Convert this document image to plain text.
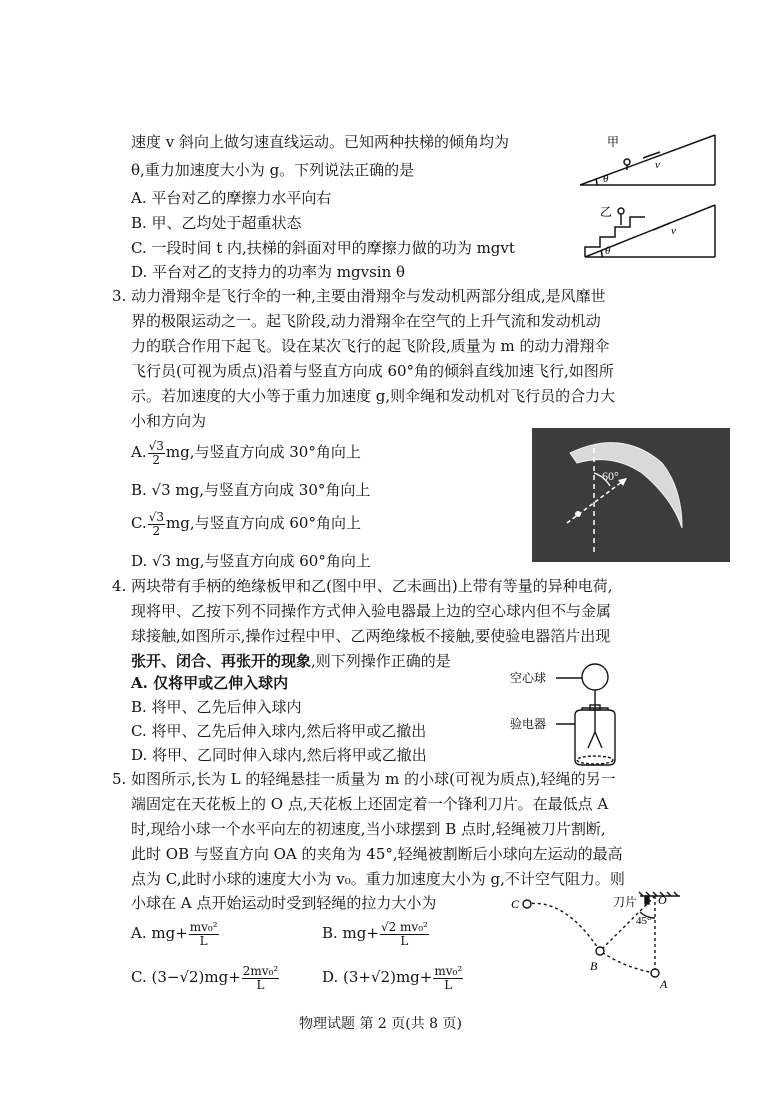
速度 v 斜向上做匀速直线运动。已知两种扶梯的倾角均为
θ,重力加速度大小为 g。下列说法正确的是
A. 平台对乙的摩擦力水平向右
B. 甲、乙均处于超重状态
C. 一段时间 t 内,扶梯的斜面对甲的摩擦力做的功为 mgvt
D. 平台对乙的支持力的功率为 mgvsin θ
甲
v
θ
乙
v
θ
3. 动力滑翔伞是飞行伞的一种,主要由滑翔伞与发动机两部分组成,是风靡世
界的极限运动之一。起飞阶段,动力滑翔伞在空气的上升气流和发动机动
力的联合作用下起飞。设在某次飞行的起飞阶段,质量为 m 的动力滑翔伞
飞行员(可视为质点)沿着与竖直方向成 60°角的倾斜直线加速飞行,如图所
示。若加速度的大小等于重力加速度 g,则伞绳和发动机对飞行员的合力大
小和方向为
A. $\frac{√3}{2}$ mg,与竖直方向成 30°角向上
B. √3 mg,与竖直方向成 30°角向上
C. $\frac{√3}{2}$ mg,与竖直方向成 60°角向上
D. √3 mg,与竖直方向成 60°角向上
60°
4. 两块带有手柄的绝缘板甲和乙(图中甲、乙未画出)上带有等量的异种电荷,
现将甲、乙按下列不同操作方式伸入验电器最上边的空心球内但不与金属
球接触,如图所示,操作过程中甲、乙两绝缘板不接触,要使验电器箔片出现
张开、闭合、再张开的现象,则下列操作正确的是
A. 仅将甲或乙伸入球内
B. 将甲、乙先后伸入球内
C. 将甲、乙先后伸入球内,然后将甲或乙撤出
D. 将甲、乙同时伸入球内,然后将甲或乙撤出
空心球
验电器
5. 如图所示,长为 L 的轻绳悬挂一质量为 m 的小球(可视为质点),轻绳的另一
端固定在天花板上的 O 点,天花板上还固定着一个锋利刀片。在最低点 A
时,现给小球一个水平向左的初速度,当小球摆到 B 点时,轻绳被刀片割断,
此时 OB 与竖直方向 OA 的夹角为 45°,轻绳被割断后小球向左运动的最高
点为 C,此时小球的速度大小为 v₀。重力加速度大小为 g,不计空气阻力。则
小球在 A 点开始运动时受到轻绳的拉力大小为
A. $mg+ \frac{\text{mv₀²}}{L}$	B. $mg+ \frac{\text{√2 mv₀²}}{L}$
C. $(3-√2)mg+ \frac{\text{2mv₀²}}{L}$	D. $(3+√2)mg+ \frac{\text{mv₀²}}{L}$
刀片 O
45°
C
B
A
物理试题 第 2 页(共 8 页)
